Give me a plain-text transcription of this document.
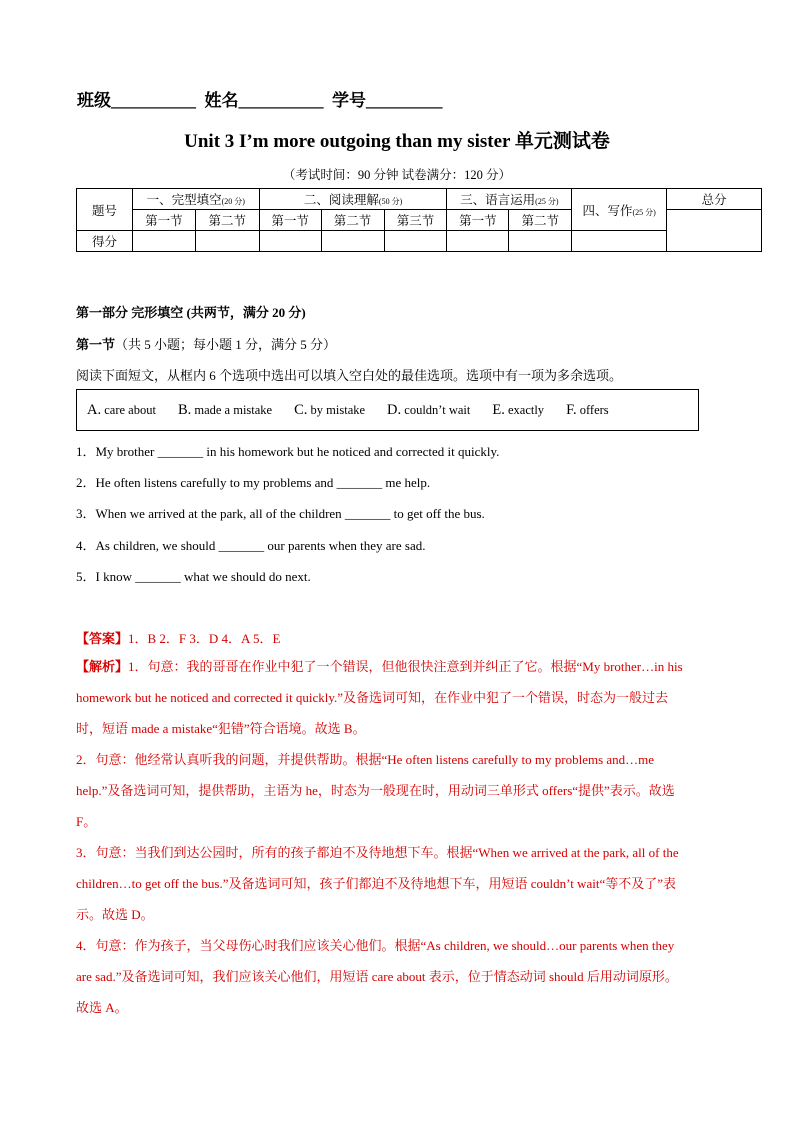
班级__________ 姓名__________ 学号_________
Unit 3 I’m more outgoing than my sister 单元测试卷
（考试时间：90 分钟 试卷满分：120 分）
题号	一、完型填空(20 分)		二、阅读理解(50 分)			三、语言运用(25 分)		四、写作(25 分)	总分
	第一节	第二节	第一节	第二节	第三节	第一节	第二节		
得分									
第一部分 完形填空 (共两节，满分 20 分)
第一节（共 5 小题；每小题 1 分，满分 5 分）
阅读下面短文，从框内 6 个选项中选出可以填入空白处的最佳选项。选项中有一项为多余选项。
A. care about B. made a mistake C. by mistake D. couldn’t wait E. exactly F. offers
1．My brother _______ in his homework but he noticed and corrected it quickly.
2．He often listens carefully to my problems and _______ me help.
3．When we arrived at the park, all of the children _______ to get off the bus.
4．As children, we should _______ our parents when they are sad.
5．I know _______ what we should do next.
【答案】1．B 2．F 3．D 4．A 5．E
【解析】1．句意：我的哥哥在作业中犯了一个错误，但他很快注意到并纠正了它。根据“My brother…in his
homework but he noticed and corrected it quickly.”及备选词可知，在作业中犯了一个错误，时态为一般过去
时，短语 made a mistake“犯错”符合语境。故选 B。
2．句意：他经常认真听我的问题，并提供帮助。根据“He often listens carefully to my problems and…me
help.”及备选词可知，提供帮助，主语为 he，时态为一般现在时，用动词三单形式 offers“提供”表示。故选
F。
3．句意：当我们到达公园时，所有的孩子都迫不及待地想下车。根据“When we arrived at the park, all of the
children…to get off the bus.”及备选词可知，孩子们都迫不及待地想下车，用短语 couldn’t wait“等不及了”表
示。故选 D。
4．句意：作为孩子，当父母伤心时我们应该关心他们。根据“As children, we should…our parents when they
are sad.”及备选词可知，我们应该关心他们，用短语 care about 表示，位于情态动词 should 后用动词原形。
故选 A。
